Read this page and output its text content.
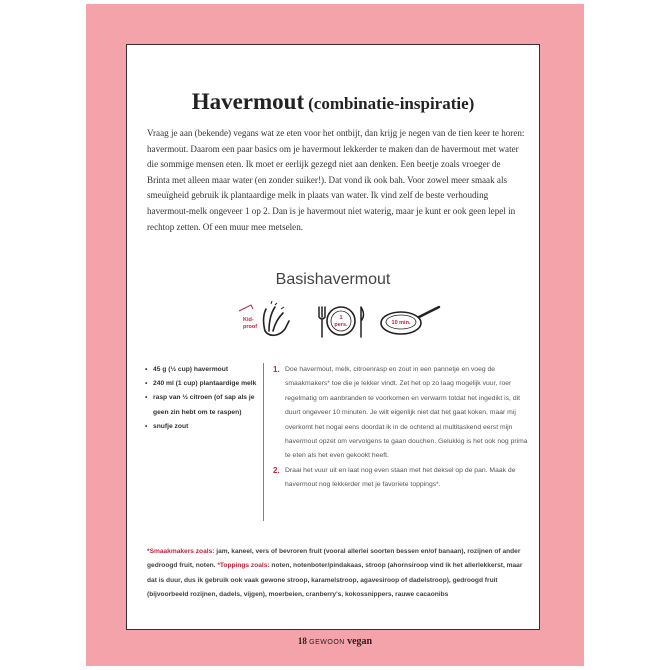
Havermout (combinatie-inspiratie)

Vraag je aan (bekende) vegans wat ze eten voor het ontbijt, dan krijg je negen van de tien keer te horen: havermout. Daarom een paar basics om je havermout lekkerder te maken dan de havermout met water die sommige mensen eten. Ik moet er eerlijk gezegd niet aan denken. Een beetje zoals vroeger de Brinta met alleen maar water (en zonder suiker!). Dat vond ik ook bah. Voor zowel meer smaak als smeuïgheid gebruik ik plantaardige melk in plaats van water. Ik vind zelf de beste verhouding havermout-melk ongeveer 1 op 2. Dan is je havermout niet waterig, maar je kunt er ook geen lepel in rechtop zetten. Of een muur mee metselen.

Basishavermout
Kid-
proof
1
pers.	10 min.
• 45 g (½ cup) havermout
• 240 ml (1 cup) plantaardige melk
• rasp van ½ citroen (of sap als je geen zin hebt om te raspen)
• snufje zout
1. Doe havermout, melk, citroenrasp en zout in een pannetje en voeg de smaakmakers* toe die je lekker vindt. Zet het op zo laag mogelijk vuur, roer regelmatig om aanbranden te voorkomen en verwarm totdat het ingedikt is, dit duurt ongeveer 10 minuten. Je wilt eigenlijk niet dat het gaat koken, maar mij overkomt het nogal eens doordat ik in de ochtend al multitaskend eerst mijn havermout opzet om vervolgens te gaan douchen. Gelukkig is het ook nog prima te eten als het even gekookt heeft.
2. Draai het vuur uit en laat nog even staan met het deksel op de pan. Maak de havermout nog lekkerder met je favoriete toppings*.
*Smaakmakers zoals: jam, kaneel, vers of bevroren fruit (vooral allerlei soorten bessen en/of banaan), rozijnen of ander gedroogd fruit, noten. *Toppings zoals: noten, notenboter/pindakaas, stroop (ahornsiroop vind ik het allerlekkerst, maar dat is duur, dus ik gebruik ook vaak gewone stroop, karamelstroop, agavesiroop of dadelstroop), gedroogd fruit (bijvoorbeeld rozijnen, dadels, vijgen), moerbeien, cranberry's, kokossnippers, rauwe cacaonibs
18 GEWOON vegan
